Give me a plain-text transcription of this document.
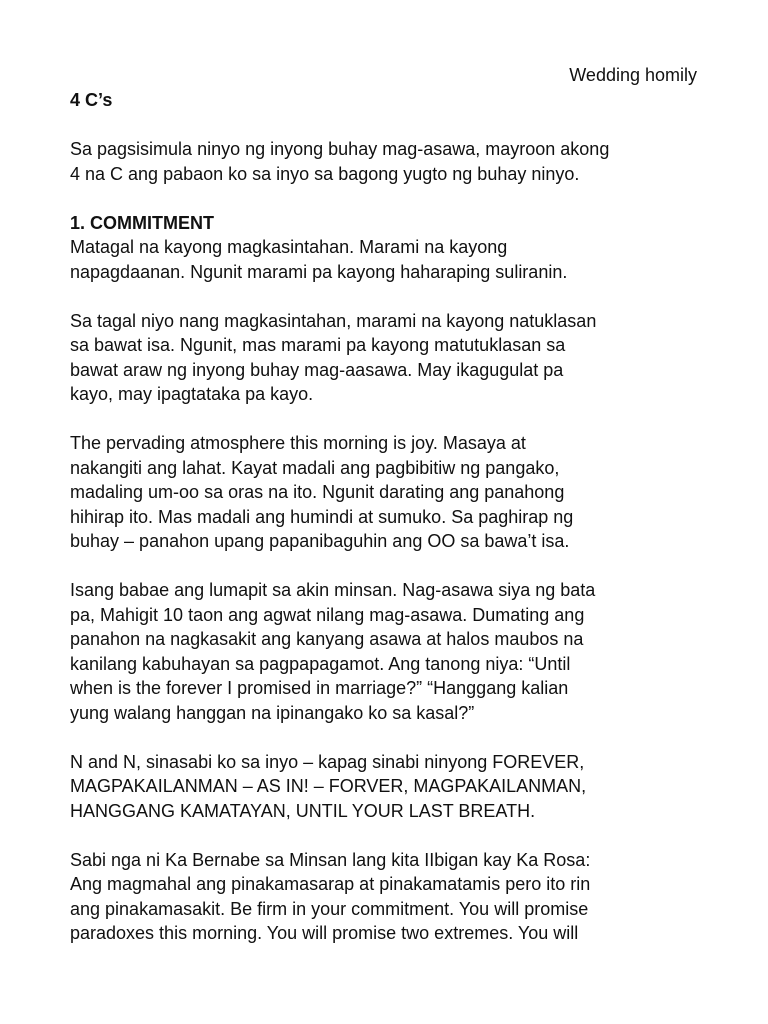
Wedding homily

4 C’s

Sa pagsisimula ninyo ng inyong buhay mag-asawa, mayroon akong
4 na C ang pabaon ko sa inyo sa bagong yugto ng buhay ninyo.

1. COMMITMENT

Matagal na kayong magkasintahan. Marami na kayong
napagdaanan. Ngunit marami pa kayong haharaping suliranin.

Sa tagal niyo nang magkasintahan, marami na kayong natuklasan
sa bawat isa. Ngunit, mas marami pa kayong matutuklasan sa
bawat araw ng inyong buhay mag-aasawa. May ikagugulat pa
kayo, may ipagtataka pa kayo.

The pervading atmosphere this morning is joy. Masaya at
nakangiti ang lahat. Kayat madali ang pagbibitiw ng pangako,
madaling um-oo sa oras na ito. Ngunit darating ang panahong
hihirap ito. Mas madali ang humindi at sumuko. Sa paghirap ng
buhay – panahon upang papanibaguhin ang OO sa bawa’t isa.

Isang babae ang lumapit sa akin minsan. Nag-asawa siya ng bata
pa, Mahigit 10 taon ang agwat nilang mag-asawa. Dumating ang
panahon na nagkasakit ang kanyang asawa at halos maubos na
kanilang kabuhayan sa pagpapagamot. Ang tanong niya: “Until
when is the forever I promised in marriage?” “Hanggang kalian
yung walang hanggan na ipinangako ko sa kasal?”

N and N, sinasabi ko sa inyo – kapag sinabi ninyong FOREVER,
MAGPAKAILANMAN – AS IN! – FORVER, MAGPAKAILANMAN,
HANGGANG KAMATAYAN, UNTIL YOUR LAST BREATH.

Sabi nga ni Ka Bernabe sa Minsan lang kita IIbigan kay Ka Rosa:
Ang magmahal ang pinakamasarap at pinakamatamis pero ito rin
ang pinakamasakit. Be firm in your commitment. You will promise
paradoxes this morning. You will promise two extremes. You will
